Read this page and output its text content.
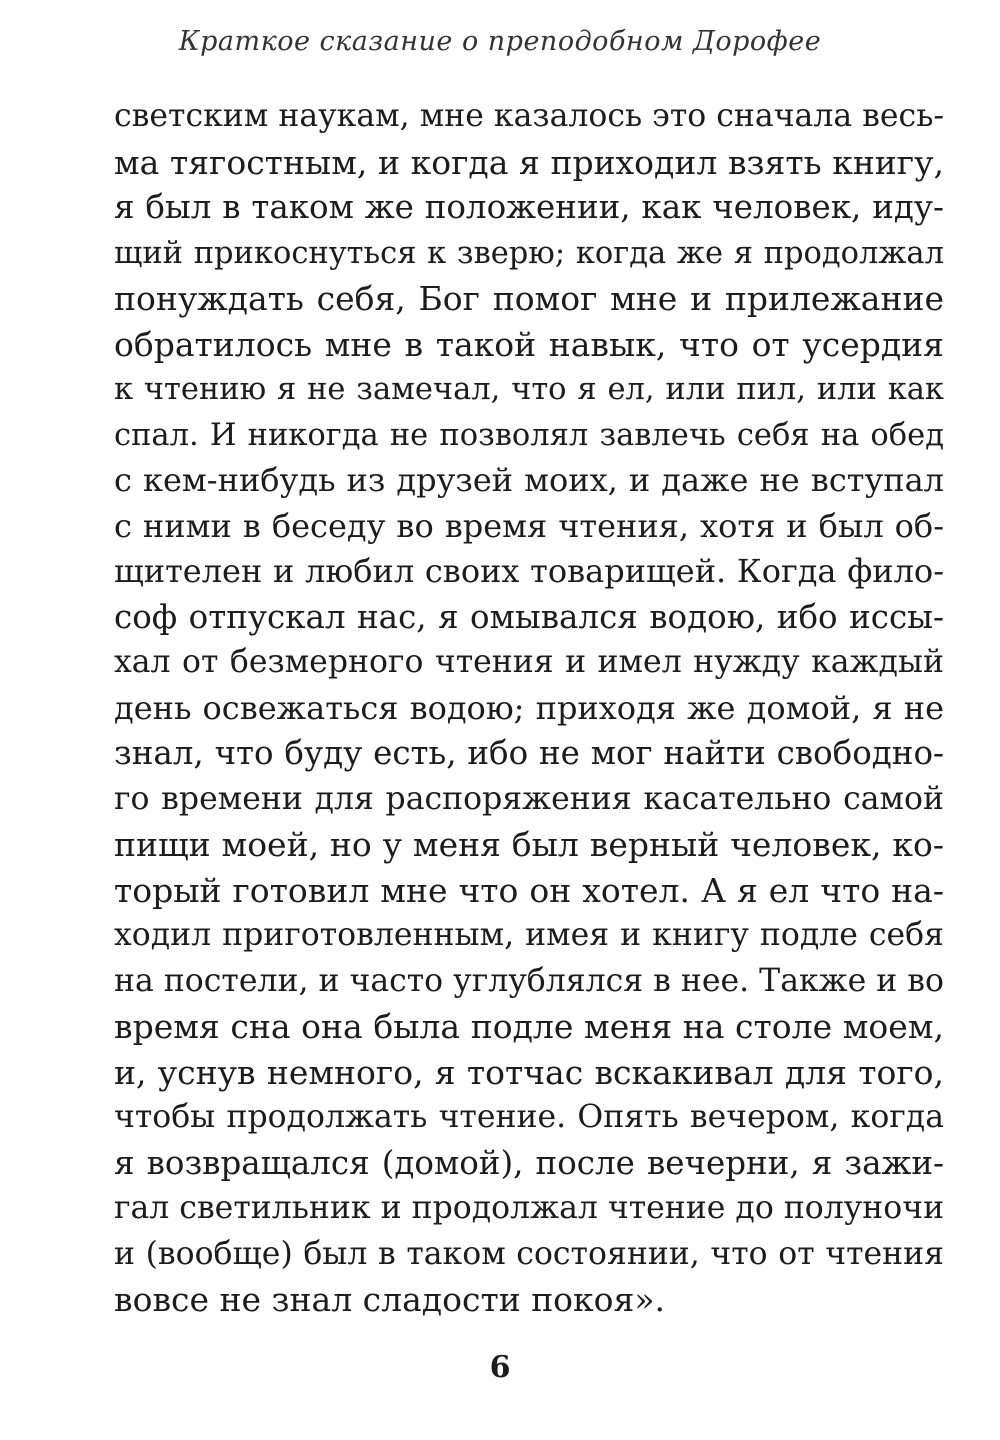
Краткое сказание о преподобном Дорофее
светским наукам, мне казалось это сначала весь-
ма тягостным, и когда я приходил взять книгу,
я был в таком же положении, как человек, иду-
щий прикоснуться к зверю; когда же я продолжал
понуждать себя, Бог помог мне и прилежание
обратилось мне в такой навык, что от усердия
к чтению я не замечал, что я ел, или пил, или как
спал. И никогда не позволял завлечь себя на обед
с кем-нибудь из друзей моих, и даже не вступал
с ними в беседу во время чтения, хотя и был об-
щителен и любил своих товарищей. Когда фило-
соф отпускал нас, я омывался водою, ибо иссы-
хал от безмерного чтения и имел нужду каждый
день освежаться водою; приходя же домой, я не
знал, что буду есть, ибо не мог найти свободно-
го времени для распоряжения касательно самой
пищи моей, но у меня был верный человек, ко-
торый готовил мне что он хотел. А я ел что на-
ходил приготовленным, имея и книгу подле себя
на постели, и часто углублялся в нее. Также и во
время сна она была подле меня на столе моем,
и, уснув немного, я тотчас вскакивал для того,
чтобы продолжать чтение. Опять вечером, когда
я возвращался (домой), после вечерни, я зажи-
гал светильник и продолжал чтение до полуночи
и (вообще) был в таком состоянии, что от чтения
вовсе не знал сладости покоя».
6
